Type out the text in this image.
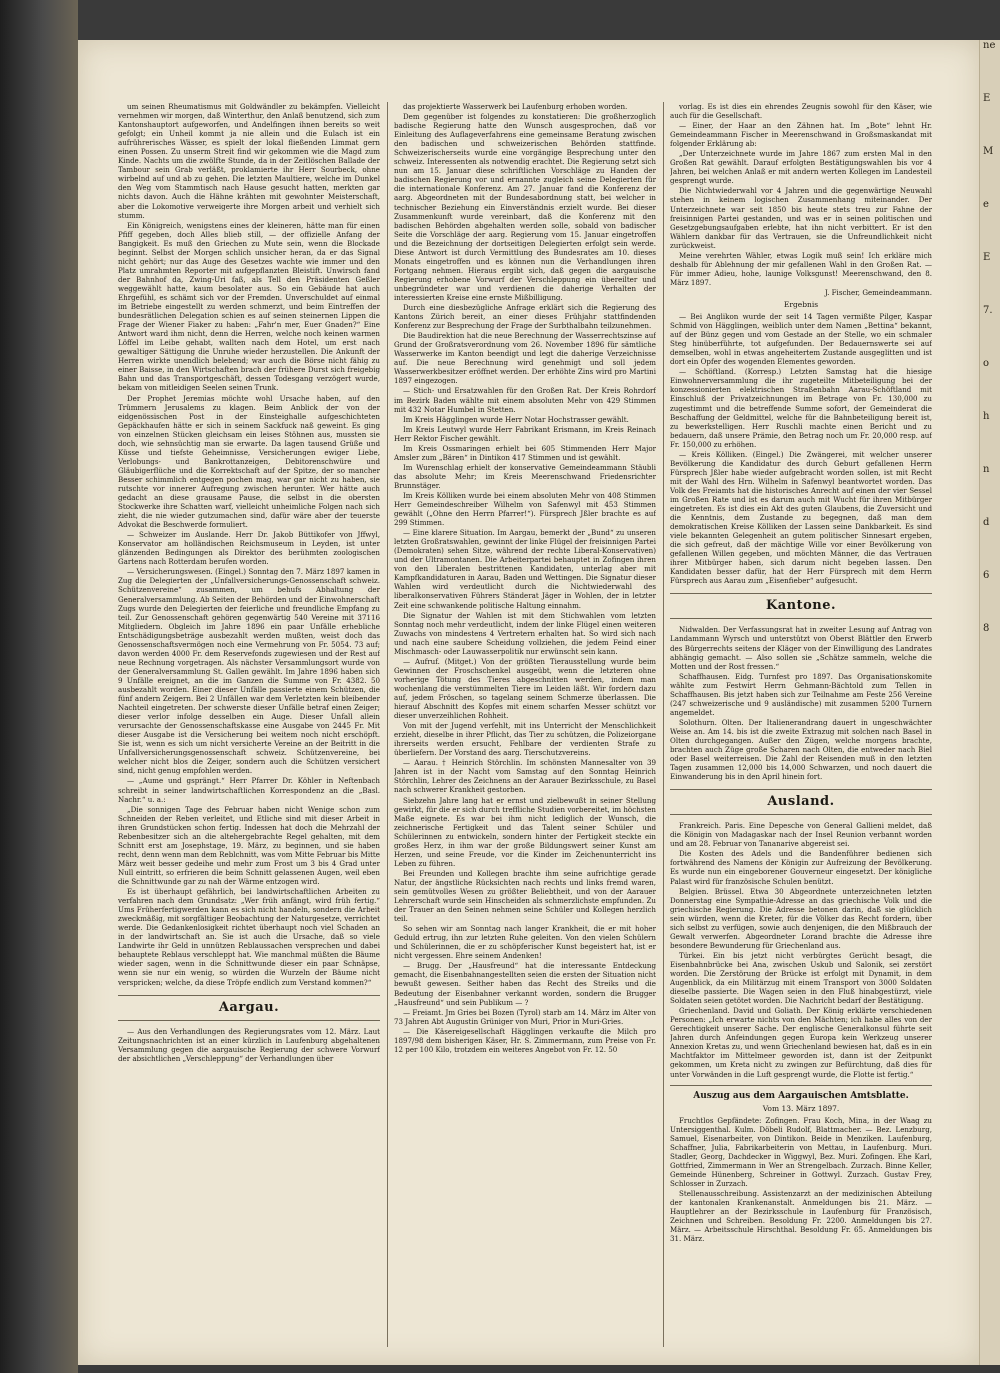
um seinen Rheumatismus mit Goldwändler zu bekämpfen. Vielleicht vernehmen wir morgen, daß Winterthur, den Anlaß benutzend, sich zum Kantonshauptort aufgeworfen, und Andelfingen ihnen bereits so weit gefolgt; ein Unheil kommt ja nie allein und die Eulach ist ein aufrührerisches Wässer, es spielt der lokal fließenden Limmat gern einen Possen. Zu unserm Streit find wir gekommen wie die Magd zum Kinde. Nachts um die zwölfte Stunde, da in der Zeitlöschen Ballade der Tambour sein Grab verläßt, proklamierte ihr Herr Sourbeck, ohne wirbelnd auf und ab zu gehen. Die letzten Maultiere, welche im Dunkel den Weg vom Stammtisch nach Hause gesucht hatten, merkten gar nichts davon. Auch die Hähne krähten mit gewohnter Meisterschaft, aber die Lokomotive verweigerte ihre Morgen arbeit und verhielt sich stumm.

Ein Königreich, wenigstens eines der kleineren, hätte man für einen Pfiff gegeben, doch Alles blieb still, — der offizielle Anfang der Bangigkeit. Es muß den Griechen zu Mute sein, wenn die Blockade beginnt. Selbst der Morgen schlich unsicher heran, da er das Signal nicht gehört; nur das Auge des Gesetzes wachte wie immer und den Platz umrahmten Reporter mit aufgepflanzten Bleistift. Unwirsch fand der Bahnhof da, Zwing-Uri faß, als Tell den Präsidenten Geßler weggewählt hatte, kaum besolater aus. So ein Gebäude hat auch Ehrgefühl, es schämt sich vor der Fremden. Unverschuldet auf einmal im Betriebe eingestellt zu werden schmerzt, und beim Eintreffen der bundesrätlichen Delegation schien es auf seinen steinernen Lippen die Frage der Wiener Fiaker zu haben: „Fahr'n mer, Euer Gnaden?“ Eine Antwort ward ihm nicht, denn die Herren, welche noch keinen warmen Löffel im Leibe gehabt, wallten nach dem Hotel, um erst nach gewaltiger Sättigung die Unruhe wieder herzustellen. Die Ankunft der Herren wirkte unendlich belebend; war auch die Börse nicht fähig zu einer Baisse, in den Wirtschaften brach der frühere Durst sich freigebig Bahn und das Transportgeschäft, dessen Todesgang verzögert wurde, bekam von mitleidigen Seelen seinen Trunk.

Der Prophet Jeremias möchte wohl Ursache haben, auf den Trümmern Jerusalems zu klagen. Beim Anblick der von der eidgenössischen Post in der Einsteighalle aufgeschichteten Gepäckhaufen hätte er sich in seinem Sackfuck naß geweint. Es ging von einzelnen Stücken gleichsam ein leises Stöhnen aus, mussten sie doch, wie sehnsüchtig man sie erwarte. Da lagen tausend Grüße und Küsse und tiefste Geheimnisse, Versicherungen ewiger Liebe, Verlobungs- und Bankrottanzeigen, Debitorenschwüre und Gläubigerflüche und die Korrektschaft auf der Spitze, der so mancher Besser schimmlich entgegen pochen mag, war gar nicht zu haben, sie rutschte vor innerer Aufregung zwischen herunter. Wer hätte auch gedacht an diese grausame Pause, die selbst in die obersten Stockwerke ihre Schatten warf, vielleicht unheimliche Folgen nach sich zieht, die nie wieder gutzumachen sind, dafür wäre aber der teuerste Advokat die Beschwerde formuliert.

— Schweizer im Auslande. Herr Dr. Jakob Büttikofer von Jffwyl, Konservator am holländischen Reichsmuseum in Leyden, ist unter glänzenden Bedingungen als Direktor des berühmten zoologischen Gartens nach Rotterdam berufen worden.

— Versicherungswesen. (Eingel.) Sonntag den 7. März 1897 kamen in Zug die Delegierten der „Unfallversicherungs-Genossenschaft schweiz. Schützenvereine“ zusammen, um behufs Abhaltung der Generalversammlung. Ab Seiten der Behörden und der Einwohnerschaft Zugs wurde den Delegierten der feierliche und freundliche Empfang zu teil. Zur Genossenschaft gehören gegenwärtig 540 Vereine mit 37116 Mitgliedern. Obgleich im Jahre 1896 ein paar Unfälle erhebliche Entschädigungsbeträge ausbezahlt werden mußten, weist doch das Genossenschaftsvermögen noch eine Vermehrung von Fr. 5054. 73 auf; davon werden 4000 Fr. dem Reservefonds zugewiesen und der Rest auf neue Rechnung vorgetragen. Als nächster Versammlungsort wurde von der Generalversammlung St. Gallen gewählt. Im Jahre 1896 haben sich 9 Unfälle ereignet, an die im Ganzen die Summe von Fr. 4382. 50 ausbezahlt worden. Einer dieser Unfälle passierte einem Schützen, die fünf andern Zeigern. Bei 2 Unfällen war dem Verletzten kein bleibender Nachteil eingetreten. Der schwerste dieser Unfälle betraf einen Zeiger; dieser verlor infolge desselben ein Auge. Dieser Unfall allein verursachte der Genossenschaftskasse eine Ausgabe von 2445 Fr. Mit dieser Ausgabe ist die Versicherung bei weitem noch nicht erschöpft. Sie ist, wenn es sich um nicht versicherte Vereine an der Beitritt in die Unfallversicherungsgenossenschaft schweiz. Schützenvereine, bei welcher nicht blos die Zeiger, sondern auch die Schützen versichert sind, nicht genug empfohlen werden.

— „Aume und gsprängt.“ Herr Pfarrer Dr. Köhler in Neftenbach schreibt in seiner landwirtschaftlichen Korrespondenz an die „Basl. Nachr.“ u. a.:

„Die sonnigen Tage des Februar haben nicht Wenige schon zum Schneiden der Reben verleitet, und Etliche sind mit dieser Arbeit in ihren Grundstücken schon fertig. Indessen hat doch die Mehrzahl der Rebenbesitzer sich an die altehergebrachte Regel gehalten, mit dem Schnitt erst am Josephstage, 19. März, zu beginnen, und sie haben recht, denn wenn man dem Reblchnitt, was vom Mitte Februar bis Mitte März weit besser gedeihe und mehr zum Frost um 3 bis 4 Grad unter Null eintritt, so erfrieren die beim Schnitt gelassenen Augen, weil eben die Schnittwunde gar zu nah der Wärme entzogen wird.

Es ist überhaupt gefährlich, bei landwirtschaftlichen Arbeiten zu verfahren nach dem Grundsatz: „Wer früh anfängt, wird früh fertig.“ Ums Früherfertigwerden kann es sich nicht handeln, sondern die Arbeit zweckmäßig, mit sorgfältiger Beobachtung der Naturgesetze, verrichtet werde. Die Gedankenlosigkeit richtet überhaupt noch viel Schaden an in der landwirtschaft an. Sie ist auch die Ursache, daß so viele Landwirte ihr Geld in unnützen Reblaussachen versprechen und dabei behauptete Reblaus verschleppt hat. Wie manchmal müßten die Bäume wieder sagen, wenn in die Schnittwunde dieser ein paar Schnäpse, wenn sie nur ein wenig, so würden die Wurzeln der Bäume nicht verspricken; welche, da diese Tröpfe endlich zum Verstand kommen?“

Aargau.

— Aus den Verhandlungen des Regierungsrates vom 12. März. Laut Zeitungsnachrichten ist an einer kürzlich in Laufenburg abgehaltenen Versammlung gegen die aargauische Regierung der schwere Vorwurf der absichtlichen „Verschleppung“ der Verhandlungen über

das projektierte Wasserwerk bei Laufenburg erhoben worden.

Dem gegenüber ist folgendes zu konstatieren: Die großherzoglich badische Regierung hatte den Wunsch ausgesprochen, daß vor Einleitung des Auflageverfahrens eine gemeinsame Beratung zwischen den badischen und schweizerischen Behörden stattfinde. Schweizerischerseits wurde eine vorgängige Besprechung unter den schweiz. Interessenten als notwendig erachtet. Die Regierung setzt sich nun am 15. Januar diese schriftlichen Vorschläge zu Handen der badischen Regierung vor und ernannte zugleich seine Delegierten für die internationale Konferenz. Am 27. Januar fand die Konferenz der aarg. Abgeordneten mit der Bundesabordnung statt, bei welcher in technischer Beziehung ein Einverständnis erzielt wurde. Bei dieser Zusammenkunft wurde vereinbart, daß die Konferenz mit den badischen Behörden abgehalten werden solle, sobald von badischer Seite die Vorschläge der aarg. Regierung vom 15. Januar eingetroffen und die Bezeichnung der dortseitigen Delegierten erfolgt sein werde. Diese Antwort ist durch Vermittlung des Bundesrates am 10. dieses Monats eingetroffen und es können nun die Verhandlungen ihren Fortgang nehmen. Hieraus ergibt sich, daß gegen die aargauische Regierung erhobene Vorwurf der Verschleppung ein übereilter und unbegründeter war und verdienen die daherige Verhalten der interessierten Kreise eine ernste Mißbilligung.

Durch eine diesbezügliche Anfrage erklärt sich die Regierung des Kantons Zürich bereit, an einer dieses Frühjahr stattfindenden Konferenz zur Besprechung der Frage der Surbthalbahn teilzunehmen.

Die Baudirektion hat die neue Berechnung der Wasserrechtszinse auf Grund der Großratsverordnung vom 26. November 1896 für sämtliche Wasserwerke im Kanton beendigt und legt die daherige Verzeichnisse auf. Die neue Berechnung wird genehmigt und soll jedem Wasserwerkbesitzer eröffnet werden. Der erhöhte Zins wird pro Martini 1897 eingezogen.

— Stich- und Ersatzwahlen für den Großen Rat. Der Kreis Rohrdorf im Bezirk Baden wählte mit einem absoluten Mehr von 429 Stimmen mit 432 Notar Humbel in Stetten.

Im Kreis Hägglingen wurde Herr Notar Hochstrasser gewählt.

Im Kreis Leutwyl wurde Herr Fabrikant Erismann, im Kreis Reinach Herr Rektor Fischer gewählt.

Im Kreis Ossmaringen erhielt bei 605 Stimmenden Herr Major Amsler zum „Bären“ in Dintikon 417 Stimmen und ist gewählt.

Im Wurenschlag erhielt der konservative Gemeindeammann Stäubli das absolute Mehr; im Kreis Meerenschwand Friedensrichter Brunnstäger.

Im Kreis Kölliken wurde bei einem absoluten Mehr von 408 Stimmen Herr Gemeindeschreiber Wilhelm von Safenwyl mit 453 Stimmen gewählt („Ohne den Herrn Pfarrer!“). Fürsprech Jßler brachte es auf 299 Stimmen.

— Eine klarere Situation. Im Aargau, bemerkt der „Bund“ zu unseren letzten Großratswahlen, gewinnt der linke Flügel der freisinnigen Partei (Demokraten) sehen Sitze, während der rechte Liberal-Konservativen) und der Ultramontanen. Die Arbeiterpartei behauptet in Zofingen ihren von den Liberalen bestrittenen Kandidaten, unterlag aber mit Kampfkandidaturen in Aarau, Baden und Wettingen. Die Signatur dieser Wahlen wird verdeutlicht durch die Nichtwiederwahl des liberalkonservativen Führers Ständerat Jäger in Wohlen, der in letzter Zeit eine schwankende politische Haltung einnahm.

Die Signatur der Wahlen ist mit dem Stichwahlen vom letzten Sonntag noch mehr verdeutlicht, indem der linke Flügel einen weiteren Zuwachs von mindestens 4 Vertretern erhalten hat. So wird sich nach und nach eine saubere Scheidung vollziehen, die jedem Feind einer Mischmasch- oder Lauwasserpolitik nur erwünscht sein kann.

— Aufruf. (Mitget.) Von der größten Tierausstellung wurde beim Gewinnen der Froschschenkel ausgeübt, wenn die letzteren ohne vorherige Tötung des Tieres abgeschnitten werden, indem man wochenlang die verstümmelten Tiere im Leiden läßt. Wir fordern dazu auf, jedem Fröschen, so tagelang seinem Schmerze überlassen. Die hierauf Abschnitt des Kopfes mit einem scharfen Messer schützt vor dieser unverzeihlichen Rohheit.

Von mit der Jugend verfehlt, mit ins Unterricht der Menschlichkeit erzieht, dieselbe in ihrer Pflicht, das Tier zu schützen, die Polizeiorgane ihrerseits werden ersucht, Fehlbare der verdienten Strafe zu überliefern. Der Vorstand des aarg. Tierschutzvereins.

— Aarau. † Heinrich Störchlin. Im schönsten Mannesalter von 39 Jahren ist in der Nacht vom Samstag auf den Sonntag Heinrich Störchlin, Lehrer des Zeichnens an der Aarauer Bezirksschule, zu Basel nach schwerer Krankheit gestorben.

Siebzehn Jahre lang hat er ernst und zielbewußt in seiner Stellung gewirkt, für die er sich durch treffliche Studien vorbereitet, im höchsten Maße eignete. Es war bei ihm nicht lediglich der Wunsch, die zeichnerische Fertigkeit und das Talent seiner Schüler und Schülerinnen zu entwickeln, sondern hinter der Fertigkeit steckte ein großes Herz, in ihm war der große Bildungswert seiner Kunst am Herzen, und seine Freude, vor die Kinder im Zeichenunterricht ins Leben zu führen.

Bei Freunden und Kollegen brachte ihm seine aufrichtige gerade Natur, der ängstliche Rücksichten nach rechts und links fremd waren, sein gemütvolles Wesen zu größter Beliebtheit, und von der Aarauer Lehrerschaft wurde sein Hinscheiden als schmerzlichste empfunden. Zu der Trauer an den Seinen nehmen seine Schüler und Kollegen herzlich teil.

So sehen wir am Sonntag nach langer Krankheit, die er mit hoher Geduld ertrug, ihn zur letzten Ruhe geleiten. Von den vielen Schülern und Schülerinnen, die er zu schöpferischer Kunst begeistert hat, ist er nicht vergessen. Ehre seinem Andenken!

— Brugg. Der „Hausfreund“ hat die interessante Entdeckung gemacht, die Eisenbahnangestellten seien die ersten der Situation nicht bewußt gewesen. Seither haben das Recht des Streiks und die Bedeutung der Eisenbahner verkannt worden, sondern die Brugger „Hausfreund“ und sein Publikum — ?

— Freiamt. Jm Gries bei Bozen (Tyrol) starb am 14. März im Alter von 73 Jahren Abt Augustin Grüniger von Muri, Prior in Muri-Gries.

— Die Käsereigesellschaft Hägglingen verkaufte die Milch pro 1897/98 dem bisherigen Käser, Hr. S. Zimmermann, zum Preise von Fr. 12 per 100 Kilo, trotzdem ein weiteres Angebot von Fr. 12. 50

vorlag. Es ist dies ein ehrendes Zeugnis sowohl für den Käser, wie auch für die Gesellschaft.

— Einer, der Haar an den Zähnen hat. Im „Bote“ lehnt Hr. Gemeindeammann Fischer in Meerenschwand in Großsmaskandat mit folgender Erklärung ab:

„Der Unterzeichnete wurde im Jahre 1867 zum ersten Mal in den Großen Rat gewählt. Darauf erfolgten Bestätigungswahlen bis vor 4 Jahren, bei welchen Anlaß er mit andern werten Kollegen im Landesteil gesprengt wurde.

Die Nichtwiederwahl vor 4 Jahren und die gegenwärtige Neuwahl stehen in keinem logischen Zusammenhang miteinander. Der Unterzeichnete war seit 1850 bis heute stets treu zur Fahne der freisinnigen Partei gestanden, und was er in seinen politischen und Gesetzgebungsaufgaben erlebte, hat ihn nicht verbittert. Er ist den Wählern dankbar für das Vertrauen, sie die Unfreundlichkeit nicht zurückweist.

Meine verehrten Wähler, etwas Logik muß sein! Ich erkläre mich deshalb für Ablehnung der mir gefallenen Wahl in den Großen Rat. — Für immer Adieu, hohe, launige Volksgunst! Meerenschwand, den 8. März 1897.

J. Fischer, Gemeindeammann.
Ergebnis

— Bei Anglikon wurde der seit 14 Tagen vermißte Pilger, Kaspar Schmid von Hägglingen, weiblich unter dem Namen „Bettina“ bekannt, auf der Bünz gegen und vom Gestade an der Stelle, wo ein schmaler Steg hinüberführte, tot aufgefunden. Der Bedauernswerte sei auf demselben, wohl in etwas angeheitertem Zustande ausgeglitten und ist dort ein Opfer des wogenden Elementes geworden.

— Schöftland. (Korresp.) Letzten Samstag hat die hiesige Einwohnerversammlung die ihr zugeteilte Mitbeteiligung bei der konzessionierten elektrischen Straßenbahn Aarau-Schöftland mit Einschluß der Privatzeichnungen im Betrage von Fr. 130,000 zu zugestimmt und die betreffende Summe sofort, der Gemeinderat die Beschaffung der Geldmittel, welche für die Bahnbeteiligung bereit ist, zu bewerkstelligen. Herr Ruschli machte einen Bericht und zu bedauern, daß unsere Prämie, den Betrag noch um Fr. 20,000 resp. auf Fr. 150,000 zu erhöhen.

— Kreis Kölliken. (Eingel.) Die Zwängerei, mit welcher unserer Bevölkerung die Kandidatur des durch Geburt gefallenen Herrn Fürsprech Jßler habe wieder aufgebracht worden sollen, ist mit Recht mit der Wahl des Hrn. Wilhelm in Safenwyl beantwortet worden. Das Volk des Freiamts hat die historisches Anrecht auf einen der vier Sessel im Großen Rate und ist es darum auch mit Wucht für ihren Mitbürger eingetreten. Es ist dies ein Akt des guten Glaubens, die Zuversicht und die Kenntnis, dem Zustande zu begegnen, daß man dem demokratischen Kreise Kölliken der Lassen seine Dankbarkeit. Es sind viele bekannten Gelegenheit an gutem politischer Sinnesart ergeben, die sich gefreut, daß der mächtige Wille vor einer Bevölkerung von gefallenen Willen gegeben, und möchten Männer, die das Vertrauen ihrer Mitbürger haben, sich darum nicht begeben lassen. Den Kandidaten besser dafür, hat der Herr Fürsprech mit dem Herrn Fürsprech aus Aarau zum „Eisenfieber“ aufgesucht.

Kantone.

Nidwalden. Der Verfassungsrat hat in zweiter Lesung auf Antrag von Landammann Wyrsch und unterstützt von Oberst Blättler den Erwerb des Bürgerrechts seitens der Kläger von der Einwilligung des Landrates abhängig gemacht. — Also sollen sie „Schätze sammeln, welche die Motten und der Rost fressen.“

Schaffhausen. Eidg. Turnfest pro 1897. Das Organisationskomite wählte zum Festwirt Herrn Gehmann-Bächtold zum Tellen in Schaffhausen. Bis jetzt haben sich zur Teilnahme am Feste 256 Vereine (247 schweizerische und 9 ausländische) mit zusammen 5200 Turnern angemeldet.

Solothurn. Olten. Der Italienerandrang dauert in ungeschwächter Weise an. Am 14. bis ist die zweite Extrazug mit solchen nach Basel in Olten durchgegangen. Außer den Zügen, welche morgens brachte, brachten auch Züge große Scharen nach Olten, die entweder nach Biel oder Basel weiterreisen. Die Zahl der Reisenden muß in den letzten Tagen zusammen 12,000 bis 14,000 Schwarzen, und noch dauert die Einwanderung bis in den April hinein fort.

Ausland.

Frankreich. Paris. Eine Depesche von General Gallieni meldet, daß die Königin von Madagaskar nach der Insel Reunion verbannt worden und am 28. Februar von Tananarive abgereist sei.

Die Kosten des Adels und die Bandenführer bedienen sich fortwährend des Namens der Königin zur Aufreizung der Bevölkerung. Es wurde nun ein eingeborener Gouverneur eingesetzt. Der königliche Palast wird für französische Schulen benützt.

Belgien. Brüssel. Etwa 30 Abgeordnete unterzeichneten letzten Donnerstag eine Sympathie-Adresse an das griechische Volk und die griechische Regierung. Die Adresse betonen darin, daß sie glücklich sein würden, wenn die Kreter, für die Völker das Recht fordern, über sich selbst zu verfügen, sowie auch denjenigen, die den Mißbrauch der Gewalt verwerfen. Abgeordneter Lorand brachte die Adresse ihre besondere Bewunderung für Griechenland aus.

Türkei. Ein bis jetzt nicht verbürgtes Gerücht besagt, die Eisenbahnbrücke bei Ana, zwischen Uskub und Salonik, sei zerstört worden. Die Zerstörung der Brücke ist erfolgt mit Dynamit, in dem Augenblick, da ein Militärzug mit einem Transport von 3000 Soldaten dieselbe passierte. Die Wagen seien in den Fluß hinabgestürzt, viele Soldaten seien getötet worden. Die Nachricht bedarf der Bestätigung.

Griechenland. David und Goliath. Der König erklärte verschiedenen Personen: „Ich erwarte nichts von den Mächten; ich habe alles von der Gerechtigkeit unserer Sache. Der englische Generalkonsul führte seit Jahren durch Anfeindungen gegen Europa kein Werkzeug unserer Annexion Kretas zu, und wenn Griechenland bewiesen hat, daß es in ein Machtfaktor im Mittelmeer geworden ist, dann ist der Zeitpunkt gekommen, um Kreta nicht zu zwingen zur Befürchtung, daß dies für unter Vorwänden in die Luft gesprengt wurde, die Flotte ist fertig.“

Auszug aus dem Aargauischen Amtsblatte.
Vom 13. März 1897.

Fruchtlos Gepfändete: Zofingen. Frau Koch, Mina, in der Waag zu Untersiggenthal. Kulm. Döbeli Rudolf, Blattmacher. — Bez. Lenzburg, Samuel, Eisenarbeiter, von Dintikon. Beide in Menziken. Laufenburg, Schaffner, Julia, Fabrikarbeiterin von Mettau, in Laufenburg. Muri. Stadler, Georg, Dachdecker in Wiggwyl, Bez. Muri. Zofingen. Ehe Karl, Gottfried, Zimmermann in Wer an Strengelbach. Zurzach. Binne Keller, Gemeinde Hünenberg, Schreiner in Gottwyl. Zurzach. Gustav Frey, Schlosser in Zurzach.

Stellenausschreibung. Assistenzarzt an der medizinischen Abteilung der kantonalen Krankenanstalt. Anmeldungen bis 21. März. — Hauptlehrer an der Bezirksschule in Laufenburg für Französisch, Zeichnen und Schreiben. Besoldung Fr. 2200. Anmeldungen bis 27. März. — Arbeitsschule Hirschthal. Besoldung Fr. 65. Anmeldungen bis 31. März.

ne
E
M
e
E
7.
o
h
n
d
6
8
